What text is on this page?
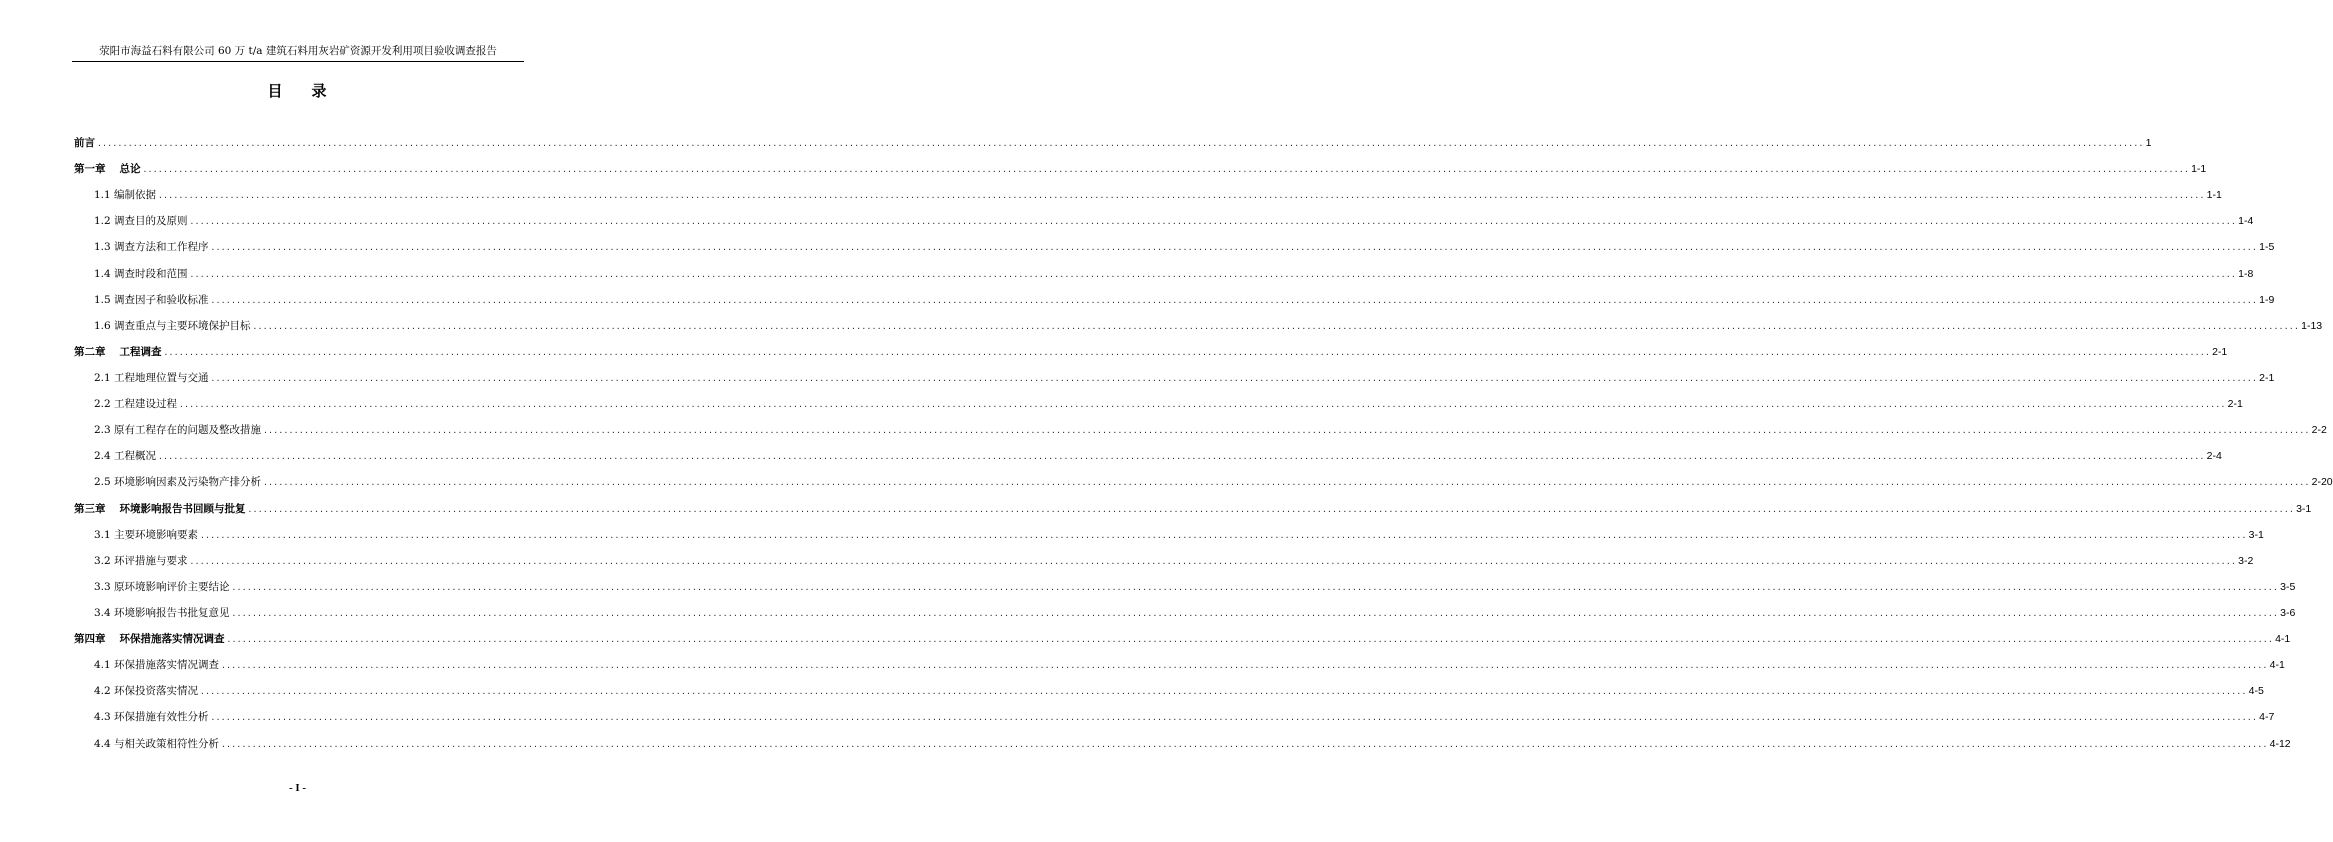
荥阳市海益石料有限公司 60 万 t/a 建筑石料用灰岩矿资源开发利用项目验收调查报告
目 录
前言 ................................................................................................................................................................................................................................................................................................................................................................................................................ 1
第一章 总论 ................................................................................................................................................................................................................................................................................................................................................................................................................ 1-1
1.1 编制依据 ................................................................................................................................................................................................................................................................................................................................................................................................................ 1-1
1.2 调查目的及原则 ................................................................................................................................................................................................................................................................................................................................................................................................................ 1-4
1.3 调查方法和工作程序 ................................................................................................................................................................................................................................................................................................................................................................................................................ 1-5
1.4 调查时段和范围 ................................................................................................................................................................................................................................................................................................................................................................................................................ 1-8
1.5 调查因子和验收标准 ................................................................................................................................................................................................................................................................................................................................................................................................................ 1-9
1.6 调查重点与主要环境保护目标 ................................................................................................................................................................................................................................................................................................................................................................................................................ 1-13
第二章 工程调查 ................................................................................................................................................................................................................................................................................................................................................................................................................ 2-1
2.1 工程地理位置与交通 ................................................................................................................................................................................................................................................................................................................................................................................................................ 2-1
2.2 工程建设过程 ................................................................................................................................................................................................................................................................................................................................................................................................................ 2-1
2.3 原有工程存在的问题及整改措施 ................................................................................................................................................................................................................................................................................................................................................................................................................ 2-2
2.4 工程概况 ................................................................................................................................................................................................................................................................................................................................................................................................................ 2-4
2.5 环境影响因素及污染物产排分析 ................................................................................................................................................................................................................................................................................................................................................................................................................ 2-20
第三章 环境影响报告书回顾与批复 ................................................................................................................................................................................................................................................................................................................................................................................................................ 3-1
3.1 主要环境影响要素 ................................................................................................................................................................................................................................................................................................................................................................................................................ 3-1
3.2 环评措施与要求 ................................................................................................................................................................................................................................................................................................................................................................................................................ 3-2
3.3 原环境影响评价主要结论 ................................................................................................................................................................................................................................................................................................................................................................................................................ 3-5
3.4 环境影响报告书批复意见 ................................................................................................................................................................................................................................................................................................................................................................................................................ 3-6
第四章 环保措施落实情况调查 ................................................................................................................................................................................................................................................................................................................................................................................................................ 4-1
4.1 环保措施落实情况调查 ................................................................................................................................................................................................................................................................................................................................................................................................................ 4-1
4.2 环保投资落实情况 ................................................................................................................................................................................................................................................................................................................................................................................................................ 4-5
4.3 环保措施有效性分析 ................................................................................................................................................................................................................................................................................................................................................................................................................ 4-7
4.4 与相关政策相符性分析 ................................................................................................................................................................................................................................................................................................................................................................................................................ 4-12
- I -
